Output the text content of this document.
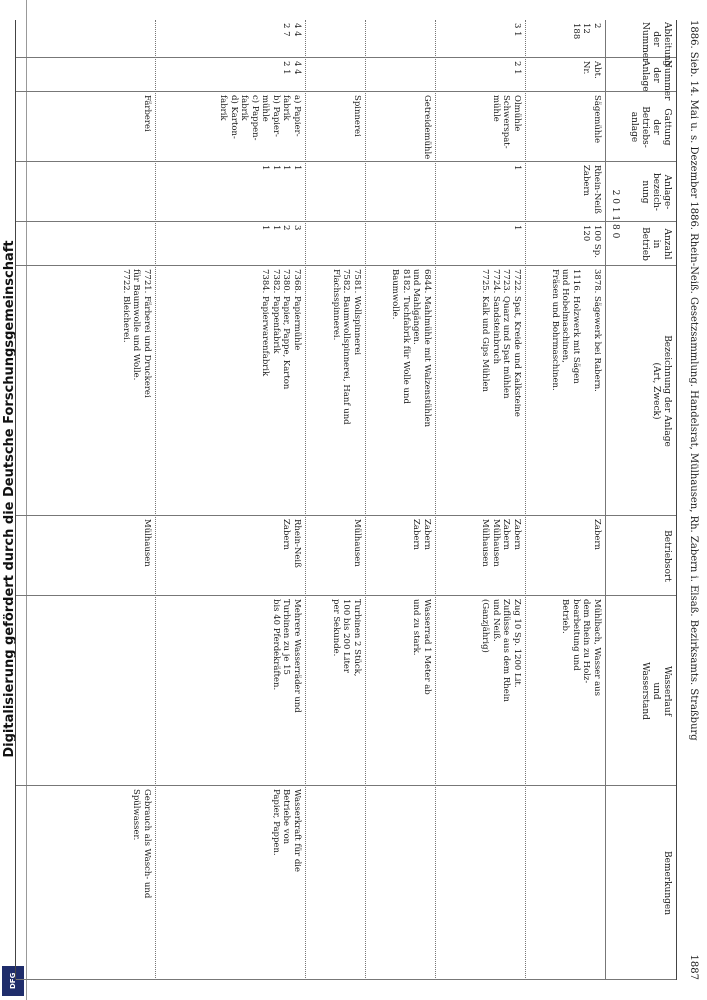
Digitalisierung gefördert durch die Deutsche Forschungsgemeinschaft
DFG
1886. Sieb. 14. Mai u. s. Dezember 1886. Rhein-Neiß. Gesetzsammlung. Handelsrat, Mülhausen, Rh. Zabern i. Elsaß. Bezirksamts. Straßburg
1887
Ableitung
der
Nummer
2
12
188
3 1
4 4
2 7
Nummer
der
Anlage
Abt.
Nr.
2 1
4 4
2 1
Gattung
der
Betriebs-
anlage
Sägemühle
Ölmühle
Schwerspat-
mühle
Getreidemühle
Spinnerei
a) Papier-
fabrik
b) Papier-
mühle
c) Pappen-
fabrik
d) Karton-
fabrik
Färberei
Anlage-
bezeich-
nung
Rhein-Neiß
Zabern
1
1
1
1
1
Anzahl
in
Betrieb
100 Sp.
120
1
3
2
1
1
Bezeichnung der Anlage
(Art, Zweck)
3878. Sägewerk bei Rabern.

1116. Holzwerk mit Sägen
und Hobelmaschinen,
Fräsen und Bohrmaschinen.
7722. Spat, Kreide und Kalksteine
7723. Quarz und Spat mühlen
7724. Sandsteinbruch
7725. Kalk und Gips Mühlen
6844. Mahlmühle mit Walzenstühlen
und Mahlgängen.
8182. Tuchfabrik für Wolle und
Baumwolle.
7581. Wollspinnerei
7582. Baumwollspinnerei, Hanf und
Flachsspinnerei.
7368. Papiermühle
7380. Papier, Pappe, Karton
7382. Pappenfabrik
7384. Papierwarenfabrik
7721. Färberei und Druckerei
für Baumwolle und Wolle.
7722. Bleicherei.
Betriebsort
Zabern
Zabern
Zabern
Mülhausen
Mülhausen
Zabern
Zabern
Mülhausen
Rhein-Neiß
Zabern
Mülhausen
Wasserlauf
und
Wasserstand
Mühlbach, Wasser aus
dem Rhein zu Holz-
bearbeitung und
Betrieb.
Zug 10 Sp. 1200 Lit.
Zuflüsse aus dem Rhein
und Neiß.
(Ganzjährig)
Wasserrad 1 Meter ab
und zu stark.
Turbinen 2 Stück,
100 bis 200 Liter
per Sekunde.
Mehrere Wasserräder und
Turbinen zu je 15
bis 40 Pferdekräften.
Bemerkungen
Wasserkraft für die
Betriebe von
Papier, Pappen.
Gebrauch als Wasch- und
Spülwasser.
2 0 1 1 8 0
